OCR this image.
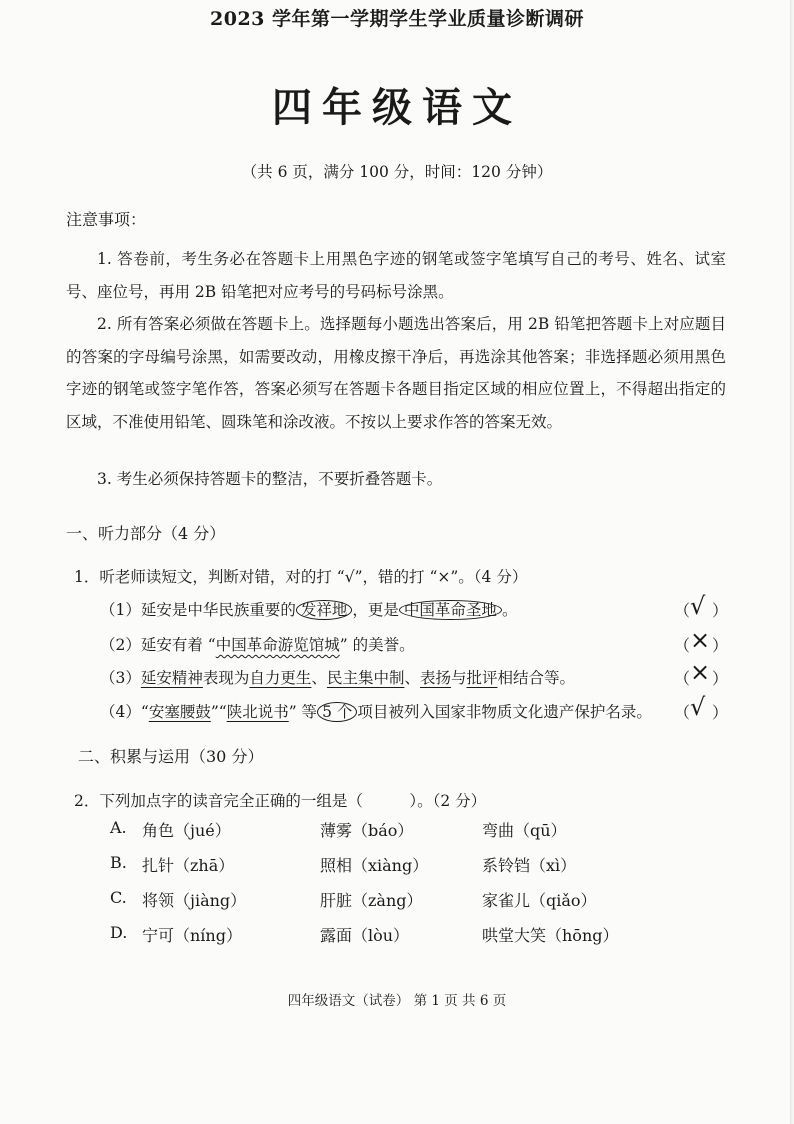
2023 学年第一学期学生学业质量诊断调研
四年级语文
（共 6 页，满分 100 分，时间：120 分钟）
注意事项：
1. 答卷前，考生务必在答题卡上用黑色字迹的钢笔或签字笔填写自己的考号、姓名、试室号、座位号，再用 2B 铅笔把对应考号的号码标号涂黑。
2. 所有答案必须做在答题卡上。选择题每小题选出答案后，用 2B 铅笔把答题卡上对应题目的答案的字母编号涂黑，如需要改动，用橡皮擦干净后，再选涂其他答案；非选择题必须用黑色字迹的钢笔或签字笔作答，答案必须写在答题卡各题目指定区域的相应位置上，不得超出指定的区域，不准使用铅笔、圆珠笔和涂改液。不按以上要求作答的答案无效。
3. 考生必须保持答题卡的整洁，不要折叠答题卡。
一、听力部分（4 分）
1．听老师读短文，判断对错，对的打 “√”，错的打 “×”。（4 分）
（1）延安是中华民族重要的 发祥地 ，更是 中国革命圣地 。	（ √ ）
（2）延安有着 “中国革命游览馆城” 的美誉。	（ × ）
（3）延安精神表现为自力更生、民主集中制、表扬与批评相结合等。	（ × ）
（4）“安塞腰鼓”“陕北说书” 等 5 个 项目被列入国家非物质文化遗产保护名录。 （ √ ）
二、积累与运用（30 分）
2．下列加点字的读音完全正确的一组是（　　　）。（2 分）
A. 角色（jué）	薄雾（báo）	弯曲（qū）
B. 扎针（zhā）	照相（xiàng）	系铃铛（xì）
C. 将领（jiàng）	肝脏（zàng）	家雀儿（qiǎo）
D. 宁可（níng）	露面（lòu）	哄堂大笑（hōng）
四年级语文（试卷） 第 1 页 共 6 页
